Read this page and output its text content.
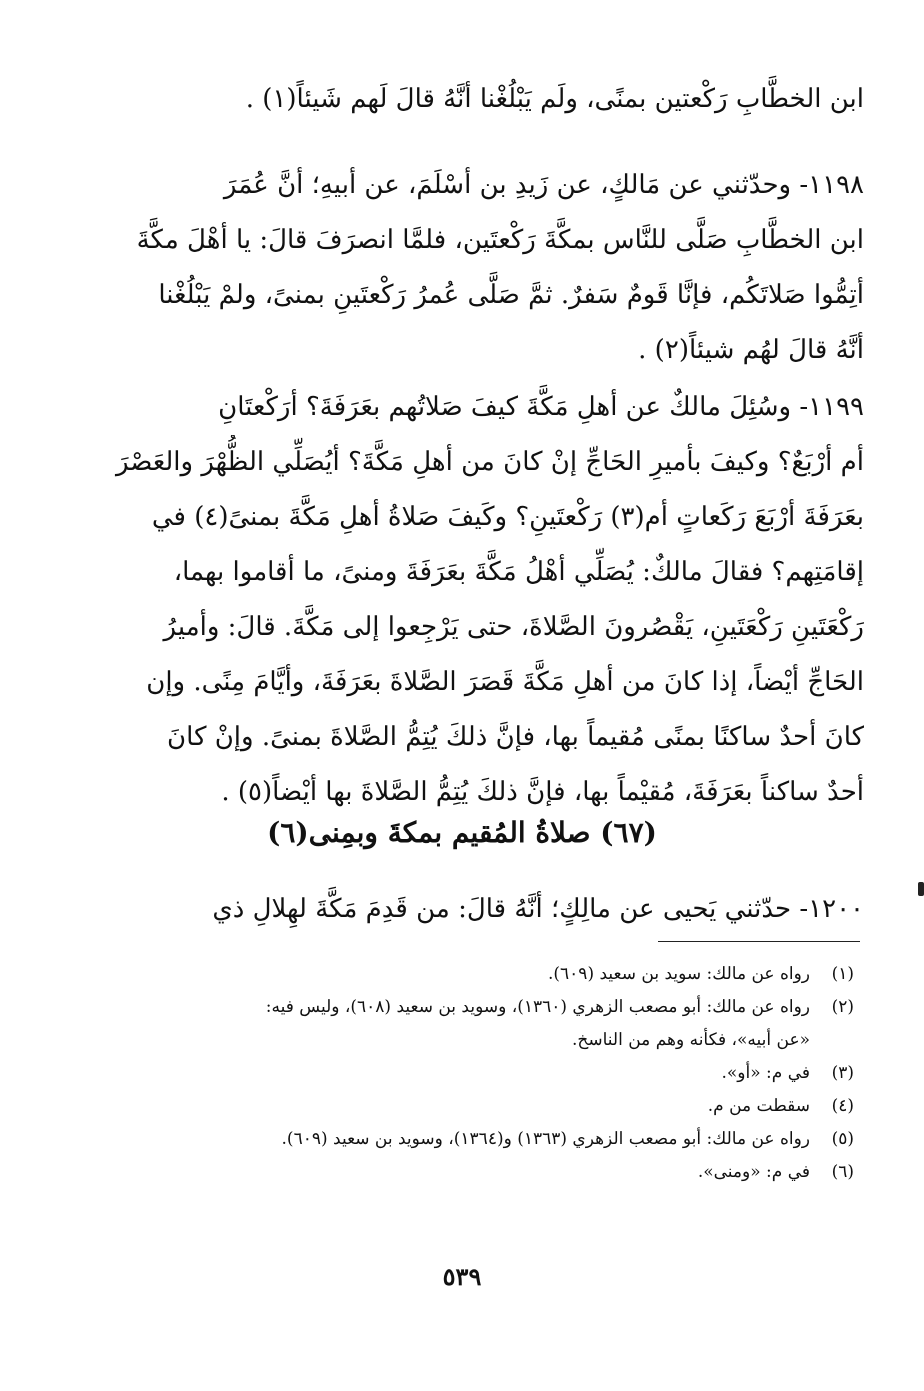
ابن الخطَّابِ رَكْعتين بمنًى، ولَم يَبْلُغْنا أنَّهُ قالَ لَهم شَيئاً(١) .
١١٩٨- وحدّثني عن مَالكٍ، عن زَيدِ بن أسْلَمَ، عن أبيهِ؛ أنَّ عُمَرَ
ابن الخطَّابِ صَلَّى للنَّاس بمكَّةَ رَكْعتَين، فلمَّا انصرَفَ قالَ: يا أهْلَ مكَّةَ
أتِمُّوا صَلاتَكُم، فإنَّا قَومٌ سَفرٌ. ثمَّ صَلَّى عُمرُ رَكْعتَينِ بمنىً، ولمْ يَبْلُغْنا
أنَّهُ قالَ لهُم شيئاً(٢) .
١١٩٩- وسُئِلَ مالكٌ عن أهلِ مَكَّةَ كيفَ صَلاتُهم بعَرَفَةَ؟ أرَكْعتَانِ
أم أرْبَعٌ؟ وكيفَ بأميرِ الحَاجِّ إنْ كانَ من أهلِ مَكَّةَ؟ أيُصَلِّي الظُّهْرَ والعَصْرَ
بعَرَفَةَ أرْبَعَ رَكَعاتٍ أم(٣) رَكْعتَينِ؟ وكَيفَ صَلاةُ أهلِ مَكَّةَ بمنىً(٤) في
إقامَتِهم؟ فقالَ مالكٌ: يُصَلِّي أهْلُ مَكَّةَ بعَرَفَةَ ومنىً، ما أقاموا بهما،
رَكْعَتَينِ رَكْعَتَينِ، يَقْصُرونَ الصَّلاةَ، حتى يَرْجِعوا إلى مَكَّةَ. قالَ: وأميرُ
الحَاجِّ أيْضاً، إذا كانَ من أهلِ مَكَّةَ قَصَرَ الصَّلاةَ بعَرَفَةَ، وأيَّامَ مِنًى. وإن
كانَ أحدٌ ساكنًا بمنًى مُقيماً بها، فإنَّ ذلكَ يُتِمُّ الصَّلاةَ بمنىً. وإنْ كانَ
أحدٌ ساكناً بعَرَفَةَ، مُقيْماً بها، فإنَّ ذلكَ يُتِمُّ الصَّلاةَ بها أيْضاً(٥) .
(٦٧) صلاةُ المُقيم بمكةَ وبمِنى(٦)
١٢٠٠- حدّثني يَحيى عن مالِكٍ؛ أنَّهُ قالَ: من قَدِمَ مَكَّةَ لهِلالِ ذي
(١)رواه عن مالك: سويد بن سعيد (٦٠٩).
(٢)رواه عن مالك: أبو مصعب الزهري (١٣٦٠)، وسويد بن سعيد (٦٠٨)، وليس فيه:
«عن أبيه»، فكأنه وهم من الناسخ.
(٣)في م: «أو».
(٤)سقطت من م.
(٥)رواه عن مالك: أبو مصعب الزهري (١٣٦٣) و(١٣٦٤)، وسويد بن سعيد (٦٠٩).
(٦)في م: «ومنى».
٥٣٩
